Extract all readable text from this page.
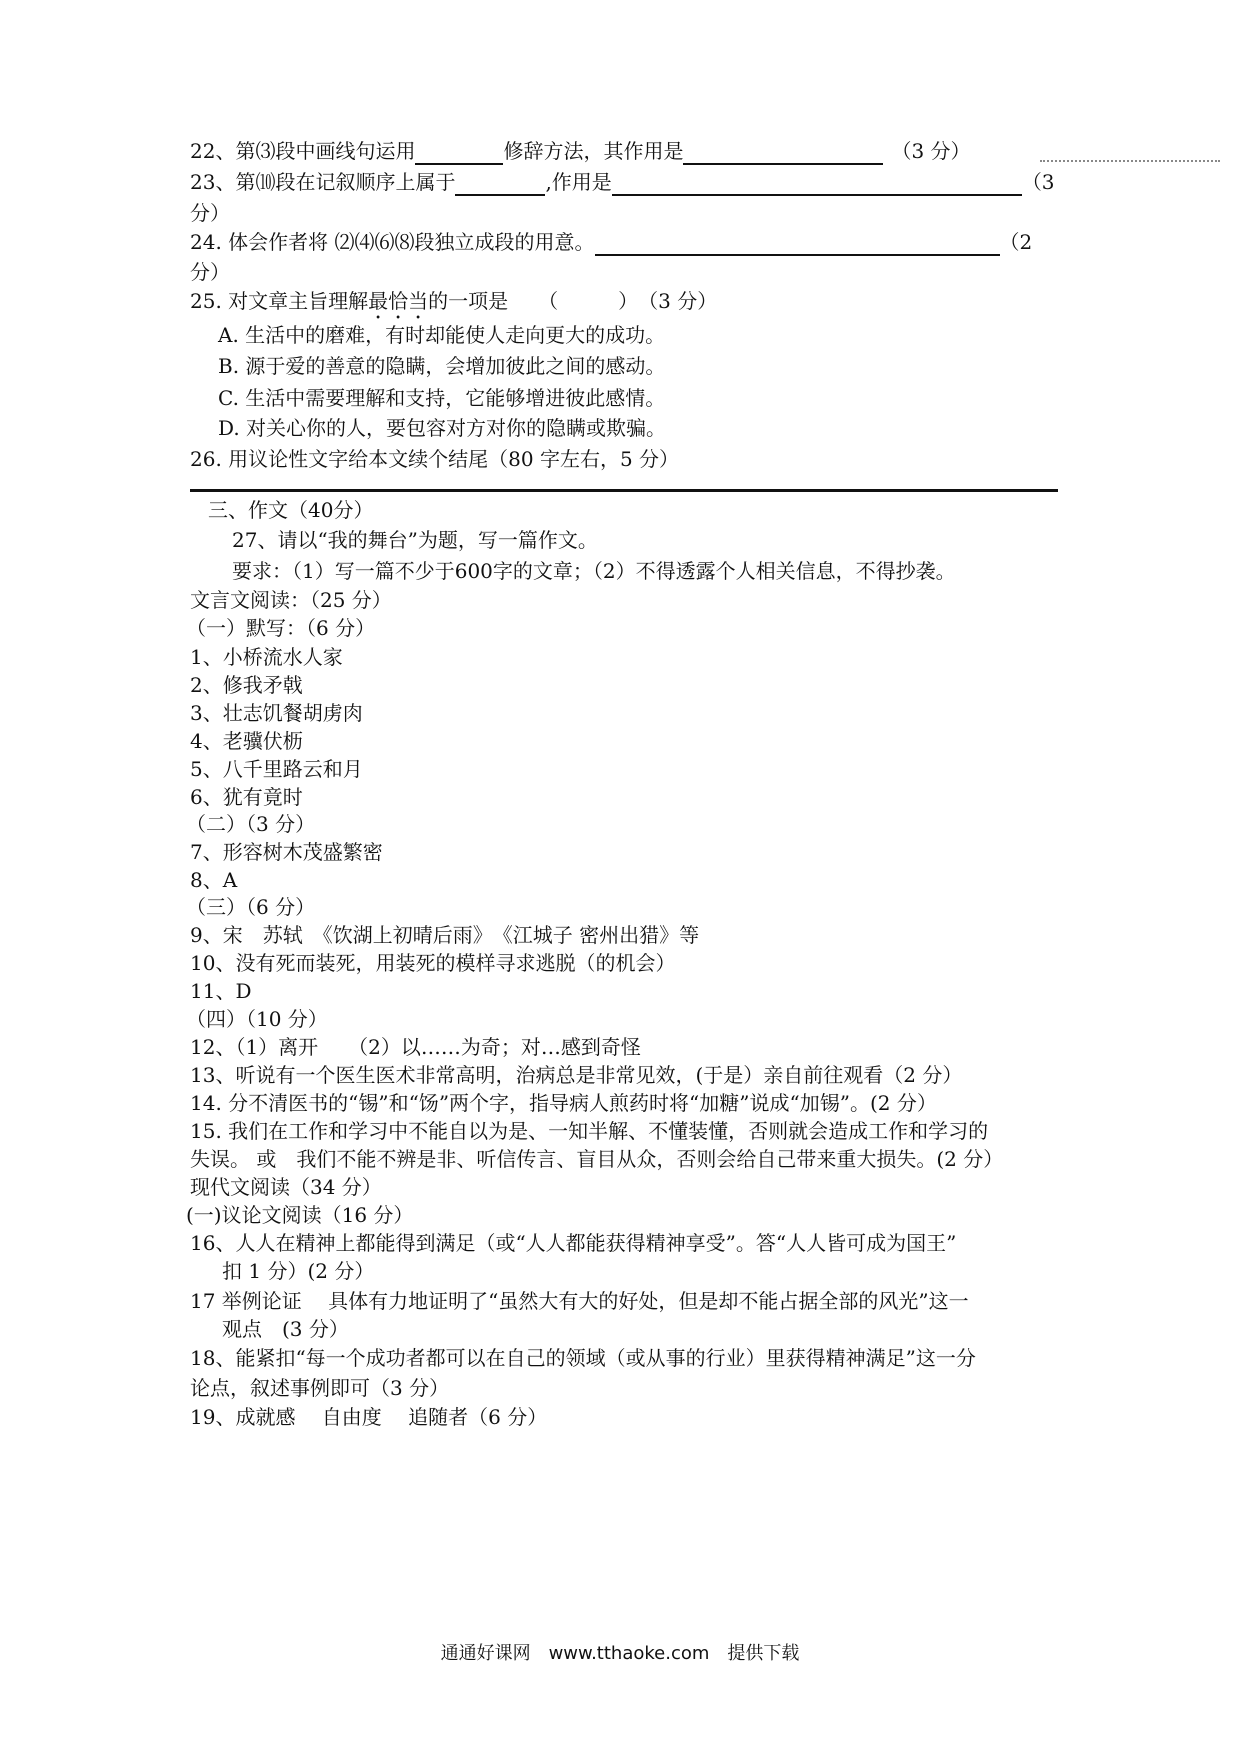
22、第⑶段中画线句运用	修辞方法，其作用是	（3 分）
23、第⑽段在记叙顺序上属于	,作用是	（3
分）
24. 体会作者将 ⑵⑷⑹⑻段独立成段的用意。	（2
分）
25. 对文章主旨理解最恰当的一项是　　（　　　）　（3 分）
A. 生活中的磨难，有时却能使人走向更大的成功。
B. 源于爱的善意的隐瞒，会增加彼此之间的感动。
C. 生活中需要理解和支持，它能够增进彼此感情。
D. 对关心你的人，要包容对方对你的隐瞒或欺骗。
26. 用议论性文字给本文续个结尾（80 字左右，5 分）
三、作文（40分）
27、请以“我的舞台”为题，写一篇作文。
要求：（1）写一篇不少于600字的文章；（2）不得透露个人相关信息，不得抄袭。
文言文阅读：（25 分）
（一）默写：（6 分）
1、小桥流水人家
2、修我矛戟
3、壮志饥餐胡虏肉
4、老骥伏枥
5、八千里路云和月
6、犹有竟时
（二）（3 分）
7、形容树木茂盛繁密
8、A
（三）（6 分）
9、宋　苏轼　《饮湖上初晴后雨》　《江城子 密州出猎》等
10、没有死而装死，用装死的模样寻求逃脱（的机会）
11、D
（四）（10 分）
12、（1）离开　　（2）以……为奇；对…感到奇怪
13、听说有一个医生医术非常高明，治病总是非常见效，(于是）亲自前往观看（2 分）
14. 分不清医书的“锡”和“饧”两个字，指导病人煎药时将“加糖”说成“加锡”。(2 分）
15. 我们在工作和学习中不能自以为是、一知半解、不懂装懂，否则就会造成工作和学习的
失误。 或　我们不能不辨是非、听信传言、盲目从众，否则会给自己带来重大损失。(2 分）
现代文阅读（34 分）
(一)议论文阅读（16 分）
16、人人在精神上都能得到满足（或“人人都能获得精神享受”。答“人人皆可成为国王”
扣 1 分）(2 分）
17 举例论证　 具体有力地证明了“虽然大有大的好处，但是却不能占据全部的风光”这一
观点　(3 分）
18、能紧扣“每一个成功者都可以在自己的领域（或从事的行业）里获得精神满足”这一分
论点，叙述事例即可（3 分）
19、成就感　 自由度　 追随者（6 分）
通通好课网　www.tthaoke.com　提供下载
